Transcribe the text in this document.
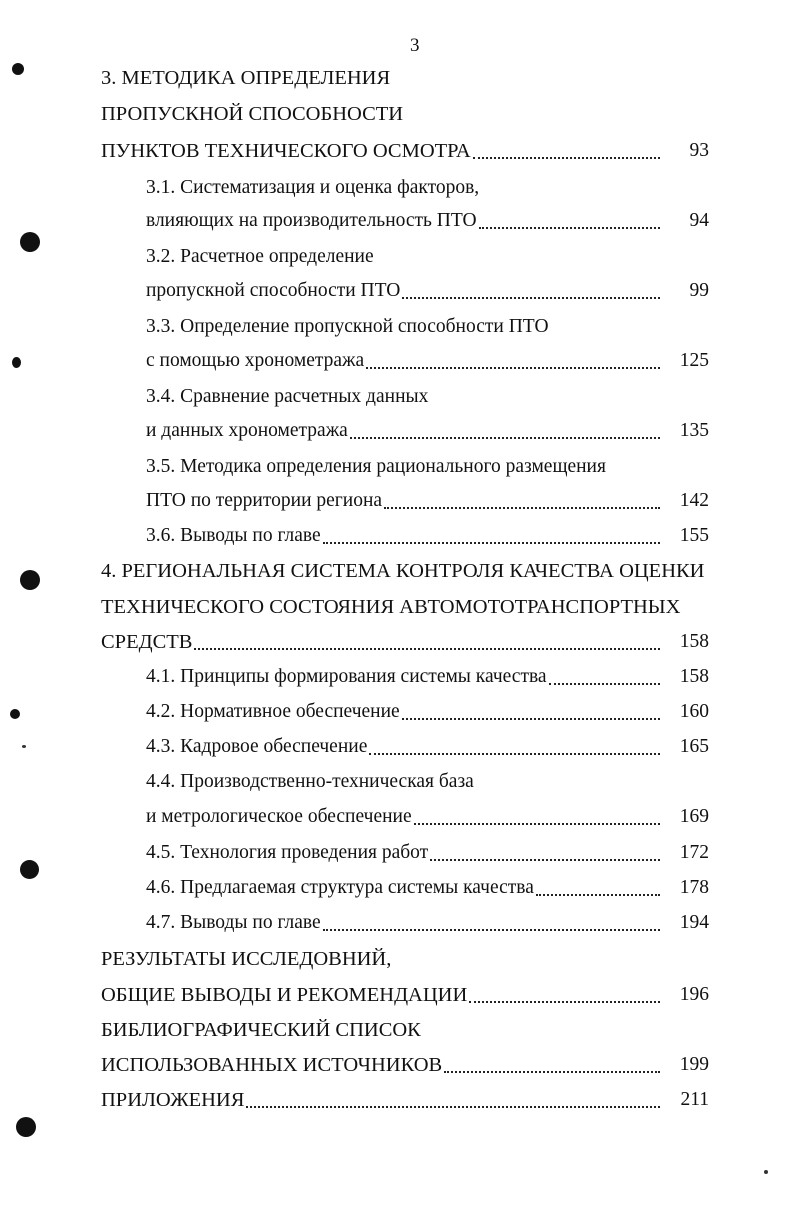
3
3. МЕТОДИКА ОПРЕДЕЛЕНИЯ
ПРОПУСКНОЙ СПОСОБНОСТИ
ПУНКТОВ ТЕХНИЧЕСКОГО ОСМОТРА	93
3.1. Систематизация и оценка факторов,
влияющих на производительность ПТО	94
3.2. Расчетное определение
пропускной способности ПТО	99
3.3. Определение пропускной способности ПТО
с помощью хронометража	125
3.4. Сравнение расчетных данных
и данных хронометража	135
3.5. Методика определения рационального размещения
ПТО по территории региона	142
3.6. Выводы по главе	155
4. РЕГИОНАЛЬНАЯ СИСТЕМА КОНТРОЛЯ КАЧЕСТВА ОЦЕНКИ
ТЕХНИЧЕСКОГО СОСТОЯНИЯ АВТОМОТОТРАНСПОРТНЫХ
СРЕДСТВ	158
4.1. Принципы формирования системы качества	158
4.2. Нормативное обеспечение	160
4.3. Кадровое обеспечение	165
4.4. Производственно-техническая база
и метрологическое обеспечение	169
4.5. Технология проведения работ	172
4.6. Предлагаемая структура системы качества	178
4.7. Выводы по главе	194
РЕЗУЛЬТАТЫ ИССЛЕДОВНИЙ,
ОБЩИЕ ВЫВОДЫ И РЕКОМЕНДАЦИИ	196
БИБЛИОГРАФИЧЕСКИЙ СПИСОК
ИСПОЛЬЗОВАННЫХ ИСТОЧНИКОВ	199
ПРИЛОЖЕНИЯ	211
